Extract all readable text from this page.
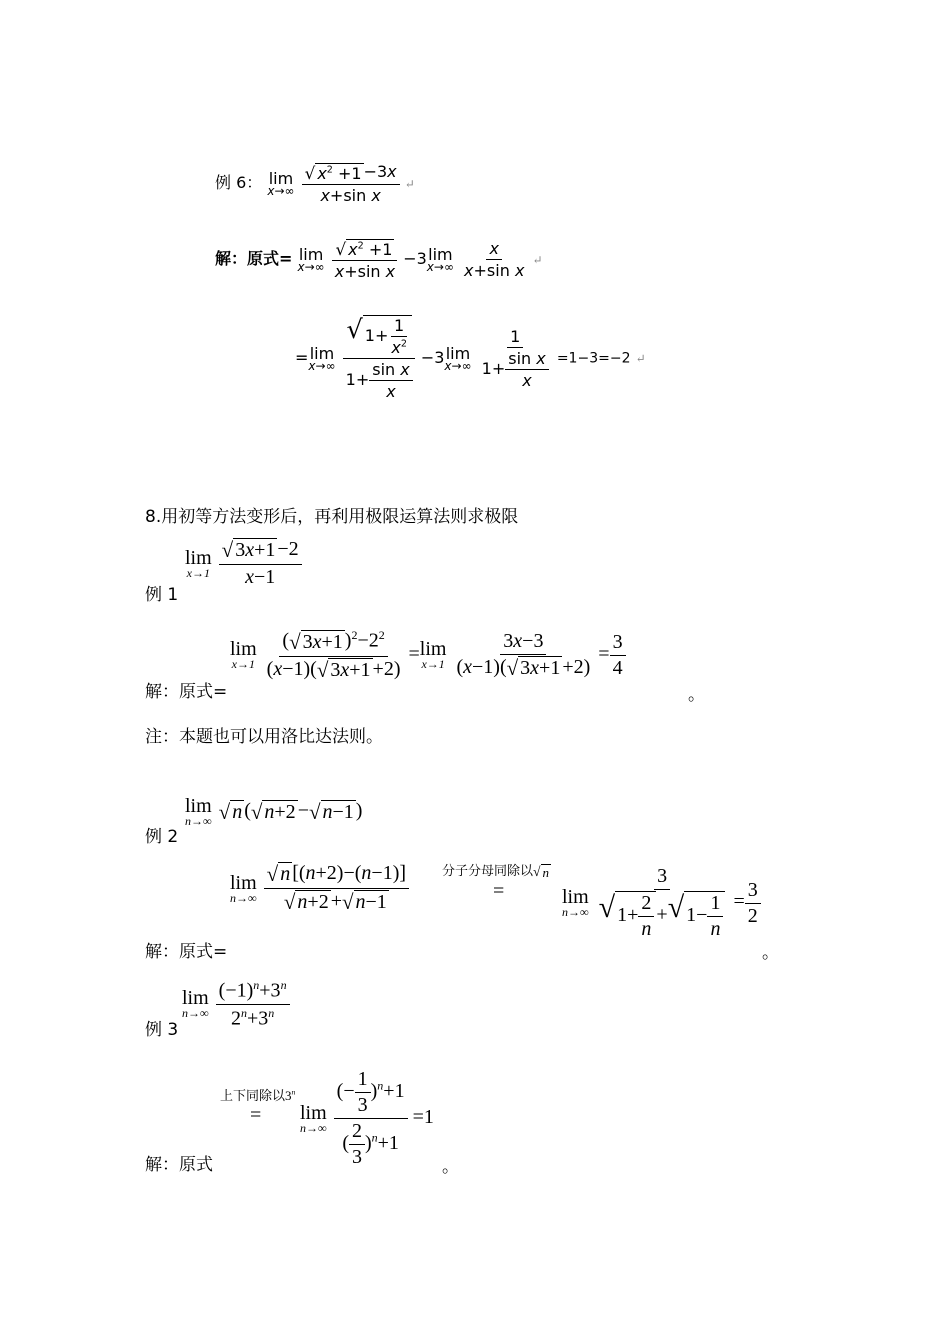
例 6： lim
x→∞
$\frac{√ x^2 +1 -3x}{\text{x+sin x}}$ ↵
解：原式= lim
x→∞
$\frac{√ x^2 +1}{\text{x+sin x}} -3$ lim
x→∞
$\frac{x}{\text{x+sin x}}$ ↵
= lim
x→∞
$\frac{√ 1+ \frac{1}{x^2}}{1+ \frac{\text{sin x}}{x}} -3$ lim
x→∞
$\frac{1}{1+ \frac{\text{sin x}}{x}} =1-3=-2$ ↵
8.用初等方法变形后，再利用极限运算法则求极限
例 1
lim
x→1
$\frac{√ 3x+1 -2}{x-1}$
解：原式=
lim
x→1
$\frac{( √ 3x+1 )^2-2^2}{(x-1)( √ 3x+1 +2)} = \lim$
x→1
$\frac{3x-3}{(x-1)( √ 3x+1 +2)} = \frac{3}{4}$
。
注：本题也可以用洛比达法则。
例 2
lim
n→∞
√ n ( √ n+2 − √ n−1 )
解：原式=
lim
n→∞
$\frac{√ n [(n+2)-(n-1)]}{√ n+2 + √ n-1}$	分子分母同除以 √ n
=	lim
n→∞
$\frac{3}{√ 1+ \frac{2}{n} + √ 1- \frac{1}{n}} = \frac{3}{2}$
。
例 3
lim
n→∞
$\frac{(-1)^n+3^n}{2^n+3^n}$
解：原式
上下同除以$3^n$
= lim
n→∞
$\frac{(- \frac{1}{3} )^n+1}{( \frac{2}{3} )^n+1} =1$
。
